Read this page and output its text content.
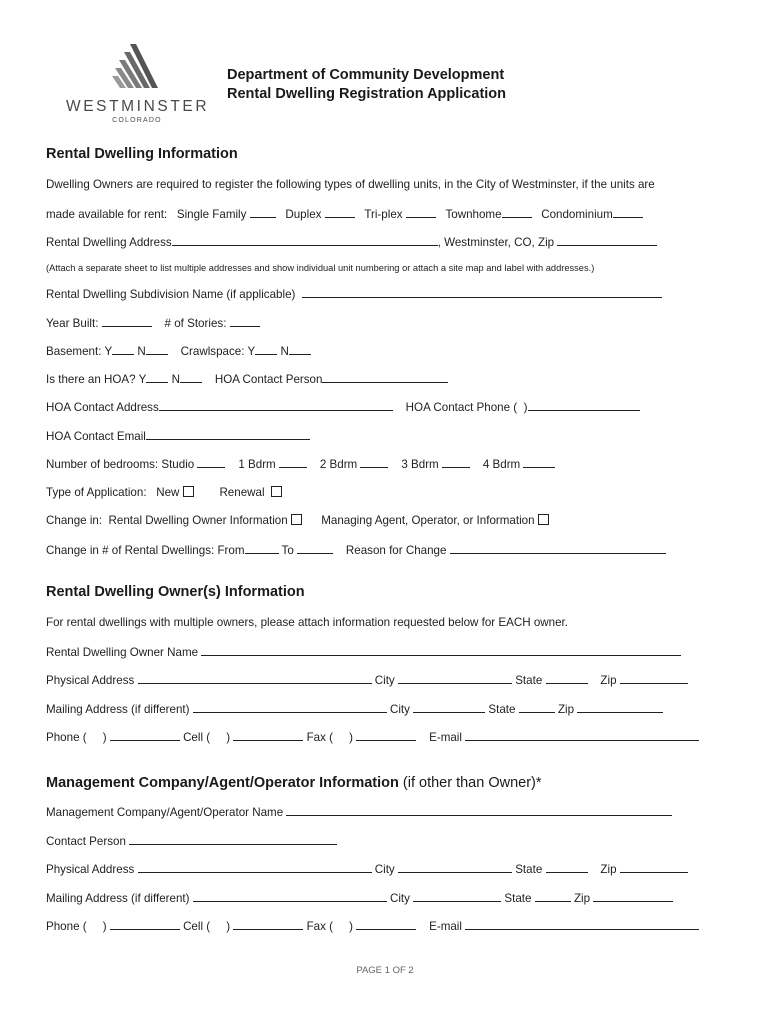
WESTMINSTER
COLORADO
Department of Community Development
Rental Dwelling Registration Application
Rental Dwelling Information
Dwelling Owners are required to register the following types of dwelling units, in the City of Westminster, if the units are
made available for rent: Single Family	Duplex	Tri-plex	Townhome	Condominium
Rental Dwelling Address	, Westminster, CO, Zip
(Attach a separate sheet to list multiple addresses and show individual unit numbering or attach a site map and label with addresses.)
Rental Dwelling Subdivision Name (if applicable)
Year Built:	# of Stories:
Basement: Y N	Crawlspace: Y N
Is there an HOA? Y N	HOA Contact Person
HOA Contact Address	HOA Contact Phone ( )
HOA Contact Email
Number of bedrooms: Studio	1 Bdrm	2 Bdrm	3 Bdrm	4 Bdrm
Type of Application: New	Renewal
Change in: Rental Dwelling Owner Information	Managing Agent, Operator, or Information
Change in # of Rental Dwellings: From	To	Reason for Change
Rental Dwelling Owner(s) Information
For rental dwellings with multiple owners, please attach information requested below for EACH owner.
Rental Dwelling Owner Name
Physical Address	City	State	Zip
Mailing Address (if different)	City	State	Zip
Phone ( )	Cell ( )	Fax ( )	E-mail
Management Company/Agent/Operator Information (if other than Owner)*
Management Company/Agent/Operator Name
Contact Person
Physical Address	City	State	Zip
Mailing Address (if different)	City	State	Zip
Phone ( )	Cell ( )	Fax ( )	E-mail
PAGE 1 OF 2
